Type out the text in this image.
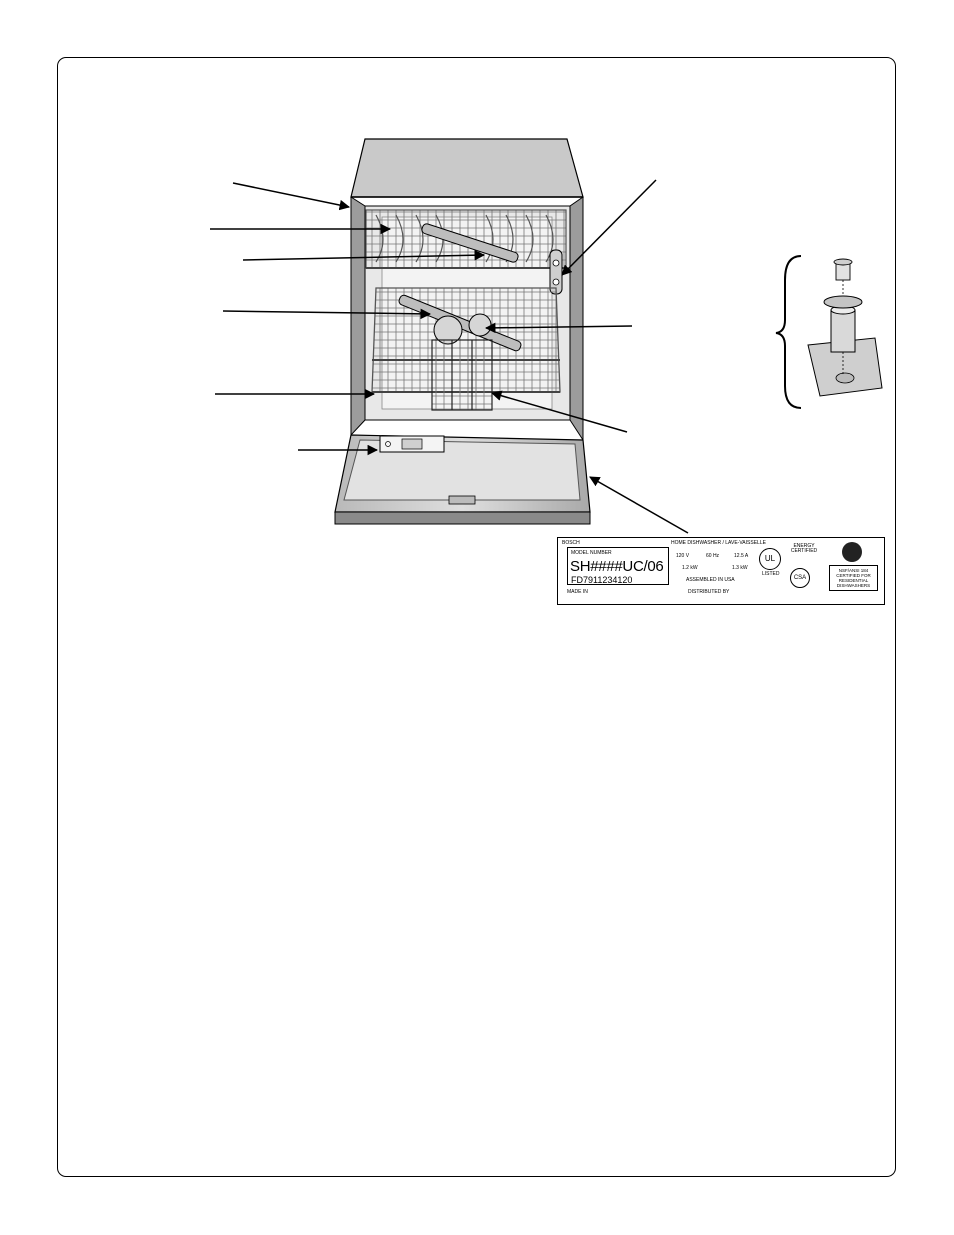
BOSCH
MODEL NUMBER
SH####UC/06
FD7911234120
MADE IN
HOME DISHWASHER / LAVE-VAISSELLE
120 V	60 Hz	12.5 A
1.2 kW	1.3 kW
ASSEMBLED IN USA
DISTRIBUTED BY
UL
LISTED
ENERGY CERTIFIED
CSA
NSF/ANSI 184 CERTIFIED FOR RESIDENTIAL DISHWASHERS
